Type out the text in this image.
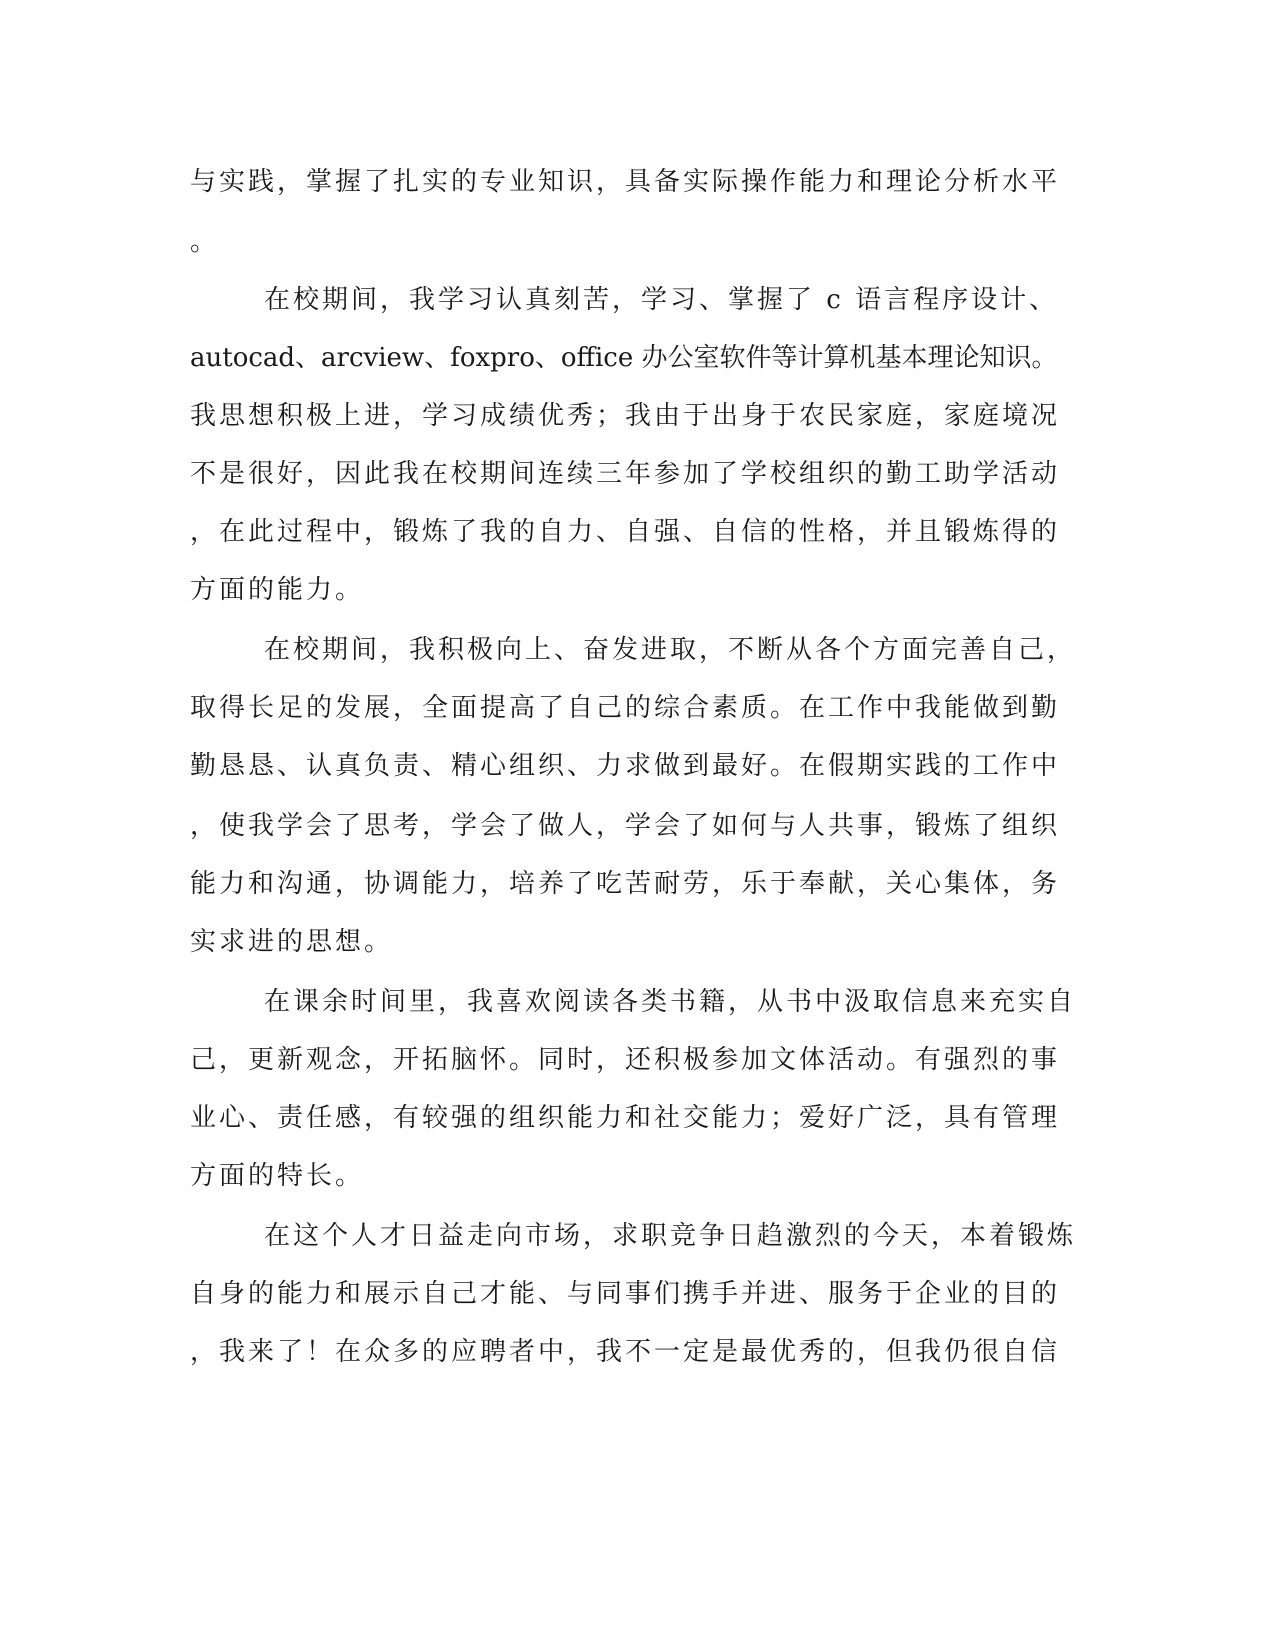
与实践，掌握了扎实的专业知识，具备实际操作能力和理论分析水平
。
在校期间，我学习认真刻苦，学习、掌握了 c 语言程序设计、
autocad、arcview、foxpro、office 办公室软件等计算机基本理论知识。
我思想积极上进，学习成绩优秀；我由于出身于农民家庭，家庭境况
不是很好，因此我在校期间连续三年参加了学校组织的勤工助学活动
，在此过程中，锻炼了我的自力、自强、自信的性格，并且锻炼得的
方面的能力。
在校期间，我积极向上、奋发进取，不断从各个方面完善自己，
取得长足的发展，全面提高了自己的综合素质。在工作中我能做到勤
勤恳恳、认真负责、精心组织、力求做到最好。在假期实践的工作中
，使我学会了思考，学会了做人，学会了如何与人共事，锻炼了组织
能力和沟通，协调能力，培养了吃苦耐劳，乐于奉献，关心集体，务
实求进的思想。
在课余时间里，我喜欢阅读各类书籍，从书中汲取信息来充实自
己，更新观念，开拓脑怀。同时，还积极参加文体活动。有强烈的事
业心、责任感，有较强的组织能力和社交能力；爱好广泛，具有管理
方面的特长。
在这个人才日益走向市场，求职竞争日趋激烈的今天，本着锻炼
自身的能力和展示自己才能、与同事们携手并进、服务于企业的目的
，我来了！在众多的应聘者中，我不一定是最优秀的，但我仍很自信
